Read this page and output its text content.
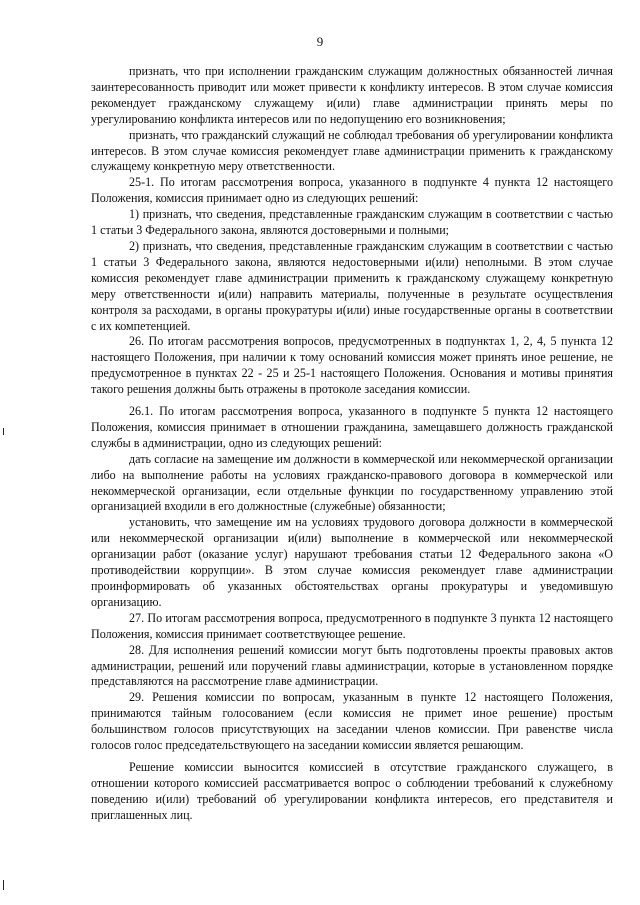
9

признать, что при исполнении гражданским служащим должностных обязанностей личная заинтересованность приводит или может привести к конфликту интересов. В этом случае комиссия рекомендует гражданскому служащему и(или) главе администрации принять меры по урегулированию конфликта интересов или по недопущению его возникновения;

признать, что гражданский служащий не соблюдал требования об урегулировании конфликта интересов. В этом случае комиссия рекомендует главе администрации применить к гражданскому служащему конкретную меру ответственности.

25-1. По итогам рассмотрения вопроса, указанного в подпункте 4 пункта 12 настоящего Положения, комиссия принимает одно из следующих решений:

1) признать, что сведения, представленные гражданским служащим в соответствии с частью 1 статьи 3 Федерального закона, являются достоверными и полными;

2) признать, что сведения, представленные гражданским служащим в соответствии с частью 1 статьи 3 Федерального закона, являются недостоверными и(или) неполными. В этом случае комиссия рекомендует главе администрации применить к гражданскому служащему конкретную меру ответственности и(или) направить материалы, полученные в результате осуществления контроля за расходами, в органы прокуратуры и(или) иные государственные органы в соответствии с их компетенцией.

26. По итогам рассмотрения вопросов, предусмотренных в подпунктах 1, 2, 4, 5 пункта 12 настоящего Положения, при наличии к тому оснований комиссия может принять иное решение, не предусмотренное в пунктах 22 - 25 и 25-1 настоящего Положения. Основания и мотивы принятия такого решения должны быть отражены в протоколе заседания комиссии.

26.1. По итогам рассмотрения вопроса, указанного в подпункте 5 пункта 12 настоящего Положения, комиссия принимает в отношении гражданина, замещавшего должность гражданской службы в администрации, одно из следующих решений:

дать согласие на замещение им должности в коммерческой или некоммерческой организации либо на выполнение работы на условиях гражданско-правового договора в коммерческой или некоммерческой организации, если отдельные функции по государственному управлению этой организацией входили в его должностные (служебные) обязанности;

установить, что замещение им на условиях трудового договора должности в коммерческой или некоммерческой организации и(или) выполнение в коммерческой или некоммерческой организации работ (оказание услуг) нарушают требования статьи 12 Федерального закона «О противодействии коррупции». В этом случае комиссия рекомендует главе администрации проинформировать об указанных обстоятельствах органы прокуратуры и уведомившую организацию.

27. По итогам рассмотрения вопроса, предусмотренного в подпункте 3 пункта 12 настоящего Положения, комиссия принимает соответствующее решение.

28. Для исполнения решений комиссии могут быть подготовлены проекты правовых актов администрации, решений или поручений главы администрации, которые в установленном порядке представляются на рассмотрение главе администрации.

29. Решения комиссии по вопросам, указанным в пункте 12 настоящего Положения, принимаются тайным голосованием (если комиссия не примет иное решение) простым большинством голосов присутствующих на заседании членов комиссии. При равенстве числа голосов голос председательствующего на заседании комиссии является решающим.

Решение комиссии выносится комиссией в отсутствие гражданского служащего, в отношении которого комиссией рассматривается вопрос о соблюдении требований к служебному поведению и(или) требований об урегулировании конфликта интересов, его представителя и приглашенных лиц.
